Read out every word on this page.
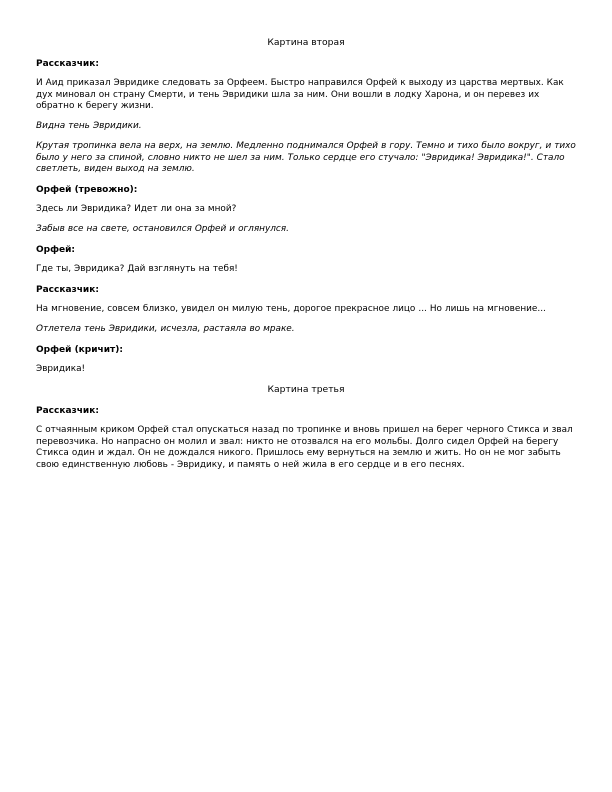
Картина вторая
Рассказчик:
И Аид приказал Эвридике следовать за Орфеем. Быстро направился Орфей к выходу из царства мертвых. Как дух миновал он страну Смерти, и тень Эвридики шла за ним. Они вошли в лодку Харона, и он перевез их обратно к берегу жизни.
Видна тень Эвридики.
Крутая тропинка вела на верх, на землю. Медленно поднимался Орфей в гору. Темно и тихо было вокруг, и тихо было у него за спиной, словно никто не шел за ним. Только сердце его стучало: "Эвридика! Эвридика!". Стало светлеть, виден выход на землю.
Орфей (тревожно):
Здесь ли Эвридика? Идет ли она за мной?
Забыв все на свете, остановился Орфей и оглянулся.
Орфей:
Где ты, Эвридика? Дай взглянуть на тебя!
Рассказчик:
На мгновение, совсем близко, увидел он милую тень, дорогое прекрасное лицо ... Но лишь на мгновение...
Отлетела тень Эвридики, исчезла, растаяла во мраке.
Орфей (кричит):
Эвридика!
Картина третья
Рассказчик:
С отчаянным криком Орфей стал опускаться назад по тропинке и вновь пришел на берег черного Стикса и звал перевозчика. Но напрасно он молил и звал: никто не отозвался на его мольбы. Долго сидел Орфей на берегу Стикса один и ждал. Он не дождался никого. Пришлось ему вернуться на землю и жить. Но он не мог забыть свою единственную любовь - Эвридику, и память о ней жила в его сердце и в его песнях.
